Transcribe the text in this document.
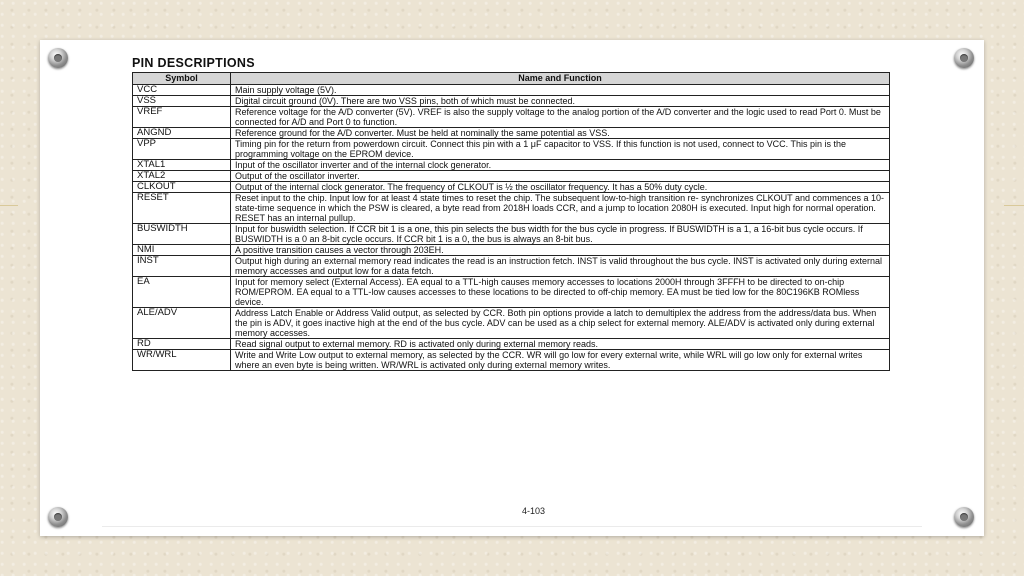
PIN DESCRIPTIONS
Symbol	Name and Function
VCC	Main supply voltage (5V).
VSS	Digital circuit ground (0V). There are two VSS pins, both of which must be connected.
VREF	Reference voltage for the A/D converter (5V). VREF is also the supply voltage to the analog portion of the A/D converter and the logic used to read Port 0. Must be connected for A/D and Port 0 to function.
ANGND	Reference ground for the A/D converter. Must be held at nominally the same potential as VSS.
VPP	Timing pin for the return from powerdown circuit. Connect this pin with a 1 μF capacitor to VSS. If this function is not used, connect to VCC. This pin is the programming voltage on the EPROM device.
XTAL1	Input of the oscillator inverter and of the internal clock generator.
XTAL2	Output of the oscillator inverter.
CLKOUT	Output of the internal clock generator. The frequency of CLKOUT is ½ the oscillator frequency. It has a 50% duty cycle.
RESET	Reset input to the chip. Input low for at least 4 state times to reset the chip. The subsequent low-to-high transition re- synchronizes CLKOUT and commences a 10-state-time sequence in which the PSW is cleared, a byte read from 2018H loads CCR, and a jump to location 2080H is executed. Input high for normal operation. RESET has an internal pullup.
BUSWIDTH	Input for buswidth selection. If CCR bit 1 is a one, this pin selects the bus width for the bus cycle in progress. If BUSWIDTH is a 1, a 16-bit bus cycle occurs. If BUSWIDTH is a 0 an 8-bit cycle occurs. If CCR bit 1 is a 0, the bus is always an 8-bit bus.
NMI	A positive transition causes a vector through 203EH.
INST	Output high during an external memory read indicates the read is an instruction fetch. INST is valid throughout the bus cycle. INST is activated only during external memory accesses and output low for a data fetch.
EA	Input for memory select (External Access). EA equal to a TTL-high causes memory accesses to locations 2000H through 3FFFH to be directed to on-chip ROM/EPROM. EA equal to a TTL-low causes accesses to these locations to be directed to off-chip memory. EA must be tied low for the 80C196KB ROMless device.
ALE/ADV	Address Latch Enable or Address Valid output, as selected by CCR. Both pin options provide a latch to demultiplex the address from the address/data bus. When the pin is ADV, it goes inactive high at the end of the bus cycle. ADV can be used as a chip select for external memory. ALE/ADV is activated only during external memory accesses.
RD	Read signal output to external memory. RD is activated only during external memory reads.
WR/WRL	Write and Write Low output to external memory, as selected by the CCR. WR will go low for every external write, while WRL will go low only for external writes where an even byte is being written. WR/WRL is activated only during external memory writes.
4-103
